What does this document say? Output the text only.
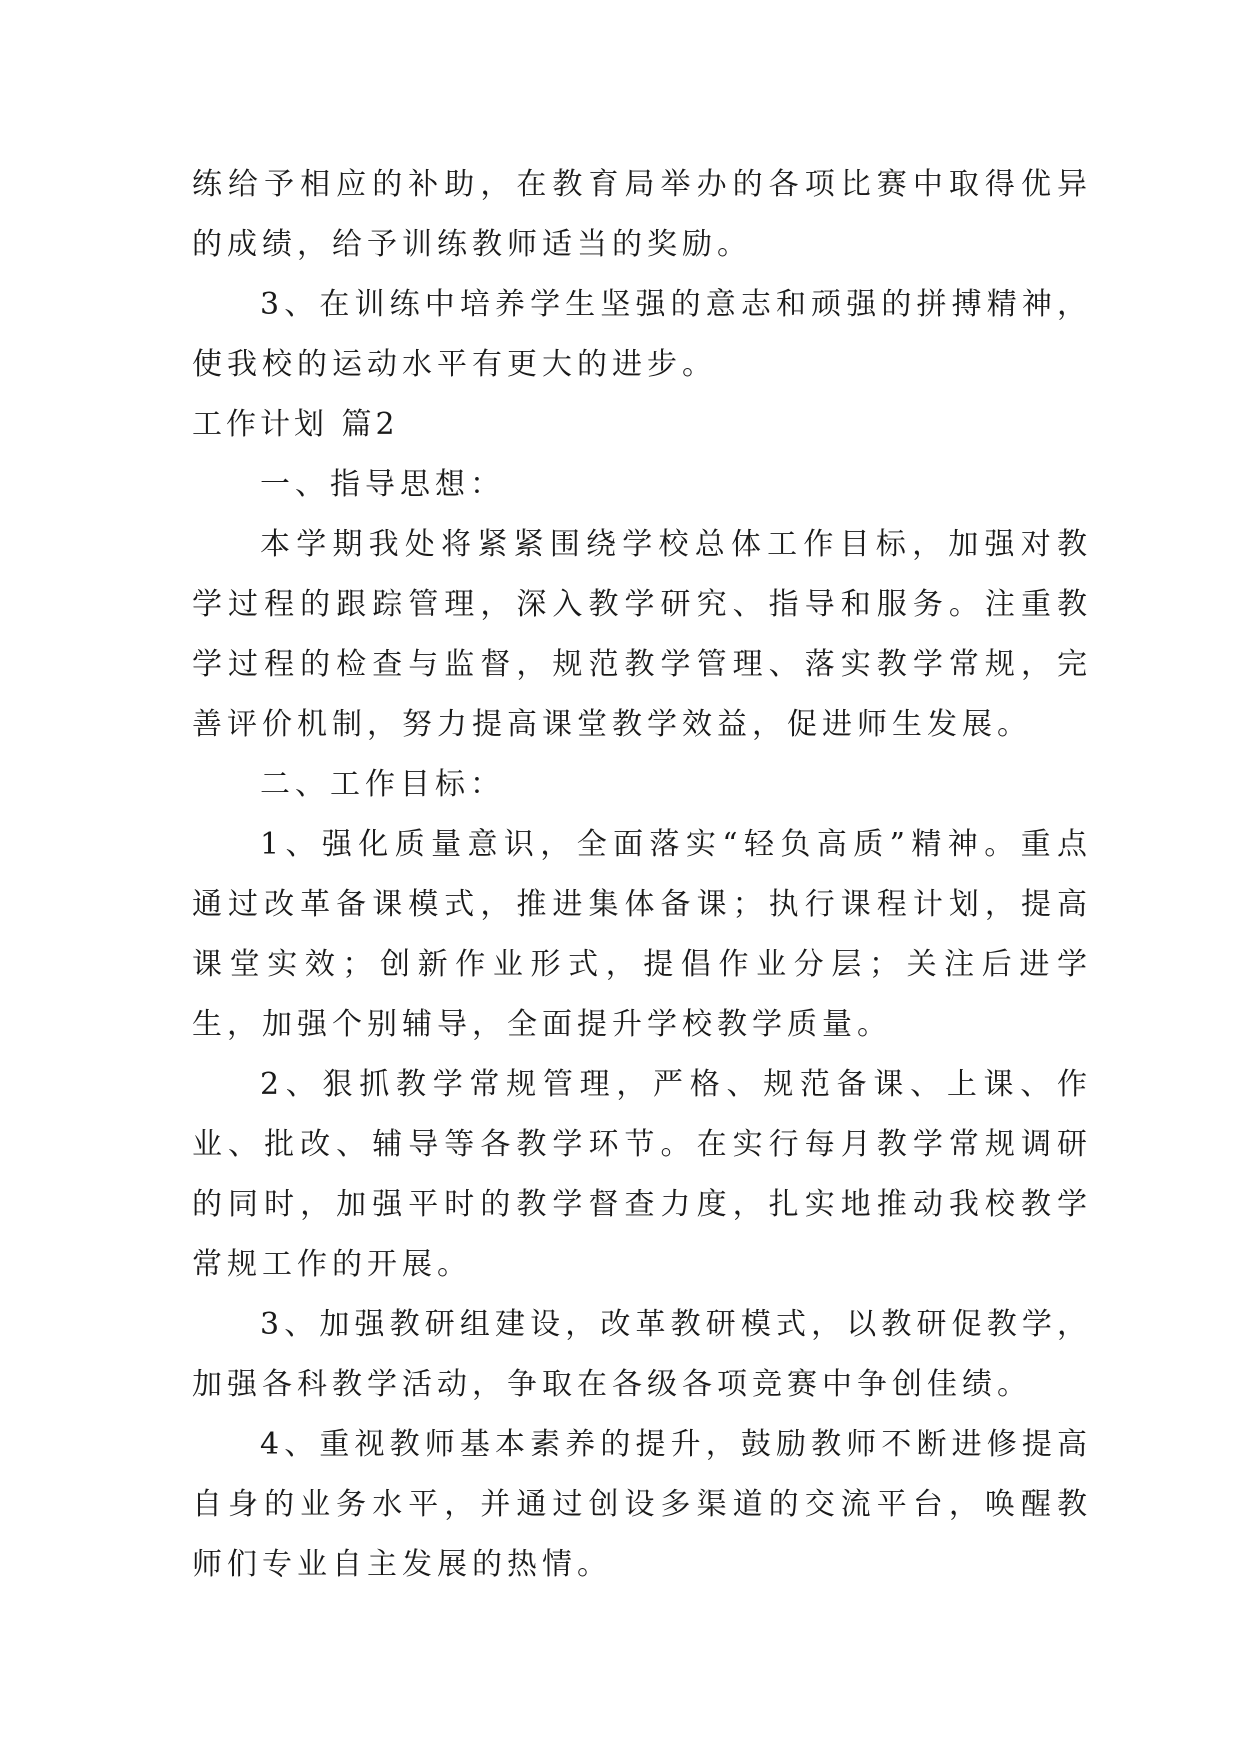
练给予相应的补助，在教育局举办的各项比赛中取得优异的成绩，给予训练教师适当的奖励。

3、在训练中培养学生坚强的意志和顽强的拼搏精神，使我校的运动水平有更大的进步。

工作计划 篇2

一、指导思想：

本学期我处将紧紧围绕学校总体工作目标，加强对教学过程的跟踪管理，深入教学研究、指导和服务。注重教学过程的检查与监督，规范教学管理、落实教学常规，完善评价机制，努力提高课堂教学效益，促进师生发展。

二、工作目标：

1、强化质量意识，全面落实“轻负高质”精神。重点通过改革备课模式，推进集体备课；执行课程计划，提高课堂实效；创新作业形式，提倡作业分层；关注后进学生，加强个别辅导，全面提升学校教学质量。

2、狠抓教学常规管理，严格、规范备课、上课、作业、批改、辅导等各教学环节。在实行每月教学常规调研的同时，加强平时的教学督查力度，扎实地推动我校教学常规工作的开展。

3、加强教研组建设，改革教研模式，以教研促教学，加强各科教学活动，争取在各级各项竞赛中争创佳绩。

4、重视教师基本素养的提升，鼓励教师不断进修提高自身的业务水平，并通过创设多渠道的交流平台，唤醒教师们专业自主发展的热情。
